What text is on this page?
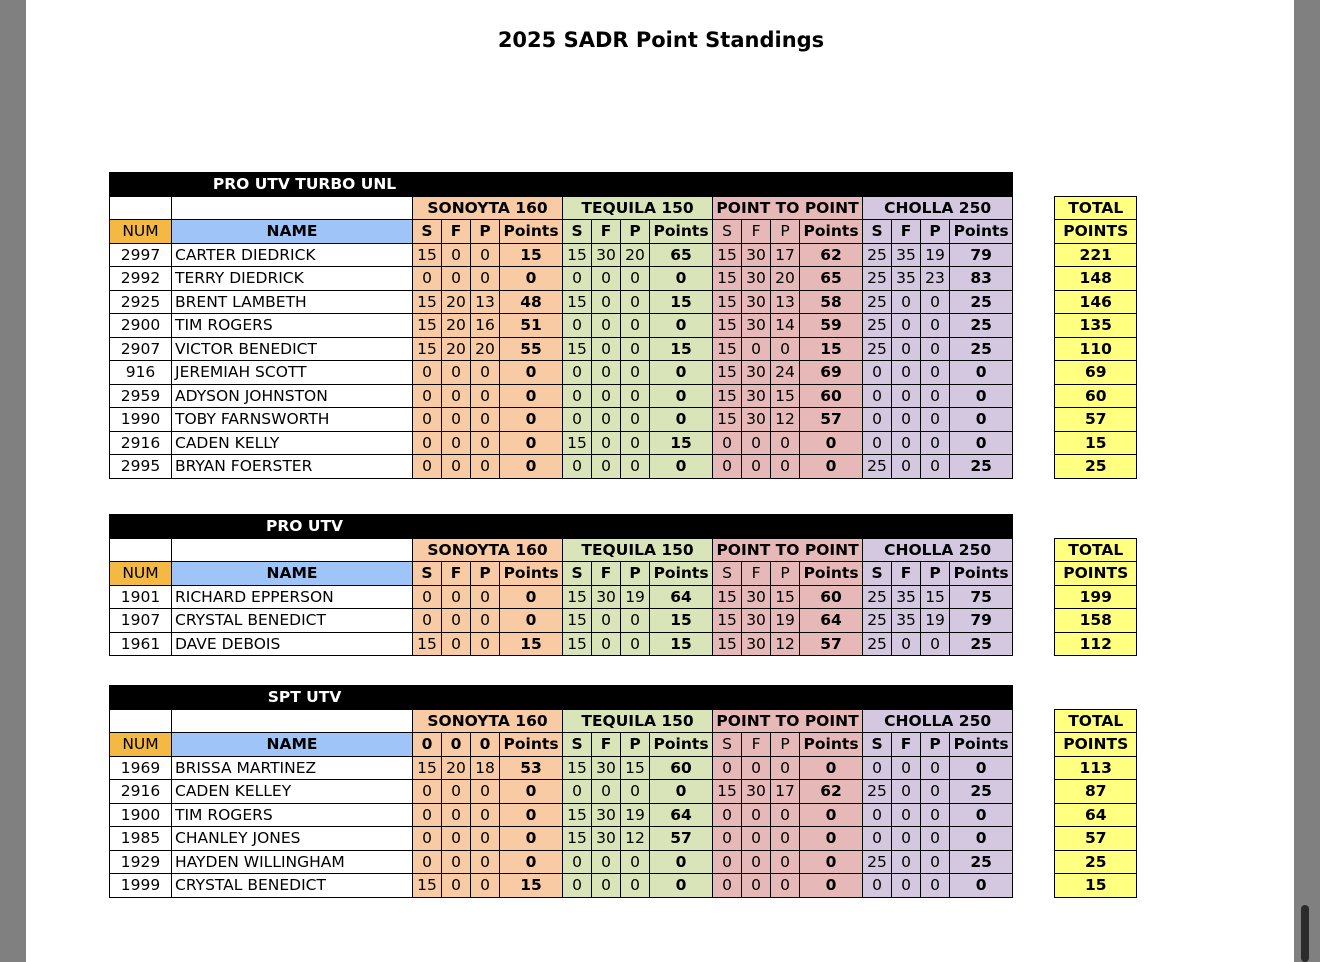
2025 SADR Point Standings
PRO UTV TURBO UNL																			
		SONOYTA 160				TEQUILA 150				POINT TO POINT				CHOLLA 250					TOTAL
NUM	NAME	S	F	P	Points	S	F	P	Points	S	F	P	Points	S	F	P	Points		POINTS
2997	CARTER DIEDRICK	15	0	0	15	15	30	20	65	15	30	17	62	25	35	19	79		221
2992	TERRY DIEDRICK	0	0	0	0	0	0	0	0	15	30	20	65	25	35	23	83		148
2925	BRENT LAMBETH	15	20	13	48	15	0	0	15	15	30	13	58	25	0	0	25		146
2900	TIM ROGERS	15	20	16	51	0	0	0	0	15	30	14	59	25	0	0	25		135
2907	VICTOR BENEDICT	15	20	20	55	15	0	0	15	15	0	0	15	25	0	0	25		110
916	JEREMIAH SCOTT	0	0	0	0	0	0	0	0	15	30	24	69	0	0	0	0		69
2959	ADYSON JOHNSTON	0	0	0	0	0	0	0	0	15	30	15	60	0	0	0	0		60
1990	TOBY FARNSWORTH	0	0	0	0	0	0	0	0	15	30	12	57	0	0	0	0		57
2916	CADEN KELLY	0	0	0	0	15	0	0	15	0	0	0	0	0	0	0	0		15
2995	BRYAN FOERSTER	0	0	0	0	0	0	0	0	0	0	0	0	25	0	0	25		25
PRO UTV																			
		SONOYTA 160				TEQUILA 150				POINT TO POINT				CHOLLA 250					TOTAL
NUM	NAME	S	F	P	Points	S	F	P	Points	S	F	P	Points	S	F	P	Points		POINTS
1901	RICHARD EPPERSON	0	0	0	0	15	30	19	64	15	30	15	60	25	35	15	75		199
1907	CRYSTAL BENEDICT	0	0	0	0	15	0	0	15	15	30	19	64	25	35	19	79		158
1961	DAVE DEBOIS	15	0	0	15	15	0	0	15	15	30	12	57	25	0	0	25		112
SPT UTV																			
		SONOYTA 160				TEQUILA 150				POINT TO POINT				CHOLLA 250					TOTAL
NUM	NAME	0	0	0	Points	S	F	P	Points	S	F	P	Points	S	F	P	Points		POINTS
1969	BRISSA MARTINEZ	15	20	18	53	15	30	15	60	0	0	0	0	0	0	0	0		113
2916	CADEN KELLEY	0	0	0	0	0	0	0	0	15	30	17	62	25	0	0	25		87
1900	TIM ROGERS	0	0	0	0	15	30	19	64	0	0	0	0	0	0	0	0		64
1985	CHANLEY JONES	0	0	0	0	15	30	12	57	0	0	0	0	0	0	0	0		57
1929	HAYDEN WILLINGHAM	0	0	0	0	0	0	0	0	0	0	0	0	25	0	0	25		25
1999	CRYSTAL BENEDICT	15	0	0	15	0	0	0	0	0	0	0	0	0	0	0	0		15
